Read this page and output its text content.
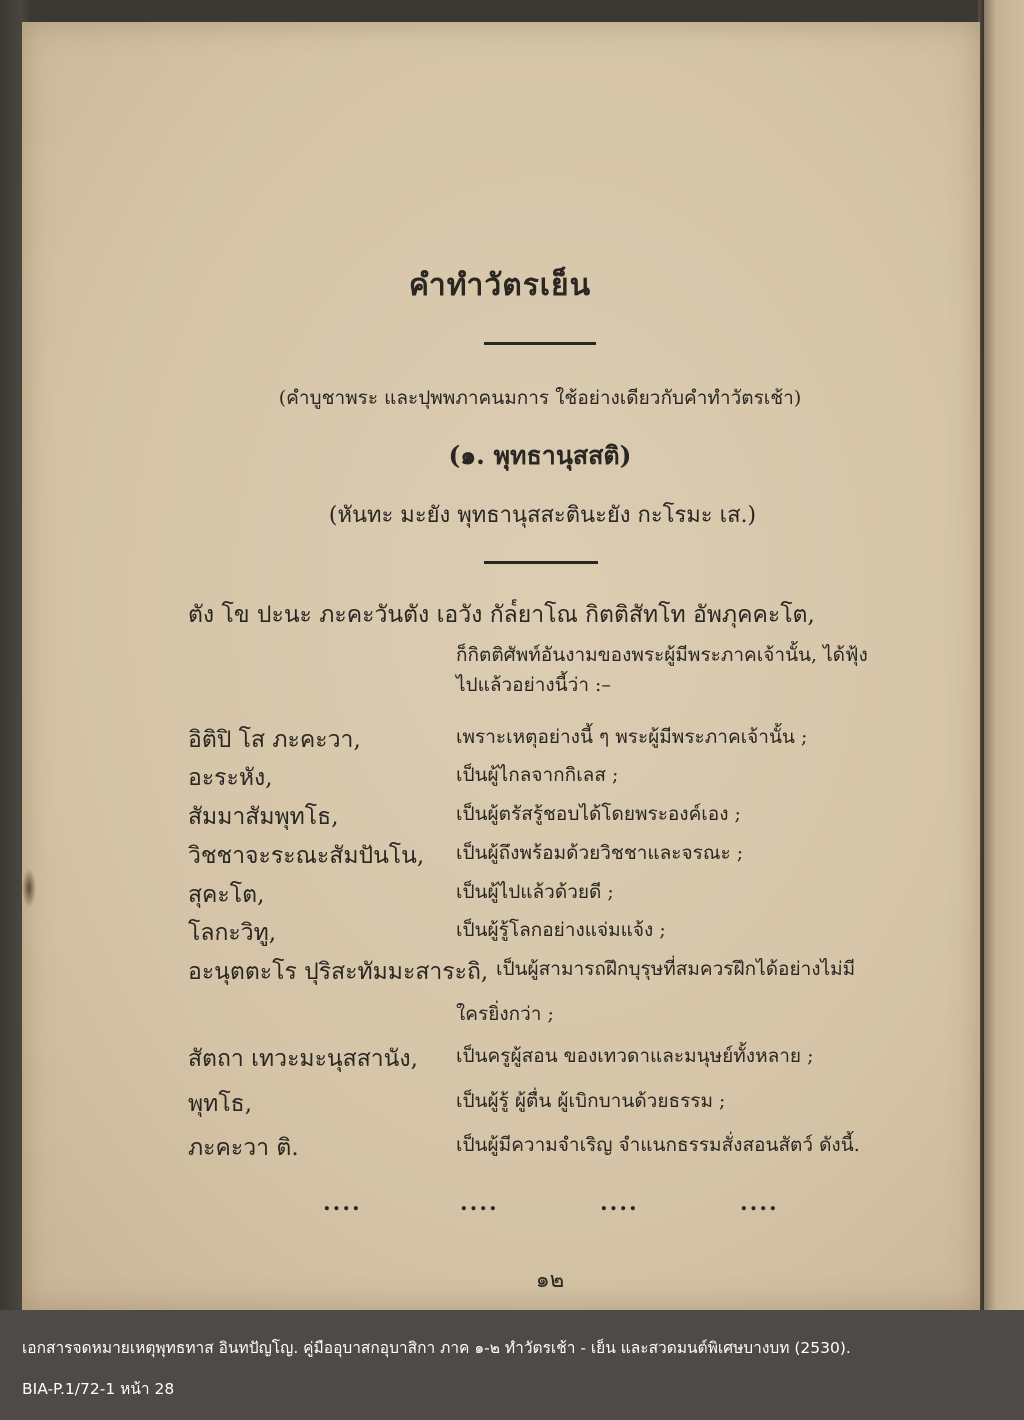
คำทำวัตรเย็น
(คำบูชาพระ และปุพพภาคนมการ ใช้อย่างเดียวกับคำทำวัตรเช้า)
(๑. พุทธานุสสติ)
(หันทะ มะยัง พุทธานุสสะตินะยัง กะโรมะ เส.)
ตัง โข ปะนะ ภะคะวันตัง เอวัง กัล๎ยาโณ กิตติสัทโท อัพภุคคะโต,
ก็กิตติศัพท์อันงามของพระผู้มีพระภาคเจ้านั้น, ได้ฟุ้ง
ไปแล้วอย่างนี้ว่า :–
อิติปิ โส ภะคะวา,	เพราะเหตุอย่างนี้ ๆ พระผู้มีพระภาคเจ้านั้น ;
อะระหัง,	เป็นผู้ไกลจากกิเลส ;
สัมมาสัมพุทโธ,	เป็นผู้ตรัสรู้ชอบได้โดยพระองค์เอง ;
วิชชาจะระณะสัมปันโน, เป็นผู้ถึงพร้อมด้วยวิชชาและจรณะ ;
สุคะโต,	เป็นผู้ไปแล้วด้วยดี ;
โลกะวิทู,	เป็นผู้รู้โลกอย่างแจ่มแจ้ง ;
อะนุตตะโร ปุริสะทัมมะสาระถิ, เป็นผู้สามารถฝึกบุรุษที่สมควรฝึกได้อย่างไม่มี
ใครยิ่งกว่า ;
สัตถา เทวะมะนุสสานัง, เป็นครูผู้สอน ของเทวดาและมนุษย์ทั้งหลาย ;
พุทโธ,	เป็นผู้รู้ ผู้ตื่น ผู้เบิกบานด้วยธรรม ;
ภะคะวา ติ.	เป็นผู้มีความจำเริญ จำแนกธรรมสั่งสอนสัตว์ ดังนี้.
....	....	....	....
๑๒
เอกสารจดหมายเหตุพุทธทาส อินทปัญโญ. คู่มืออุบาสกอุบาสิกา ภาค ๑-๒ ทำวัตรเช้า - เย็น และสวดมนต์พิเศษบางบท (2530).
BIA-P.1/72-1 หน้า 28
